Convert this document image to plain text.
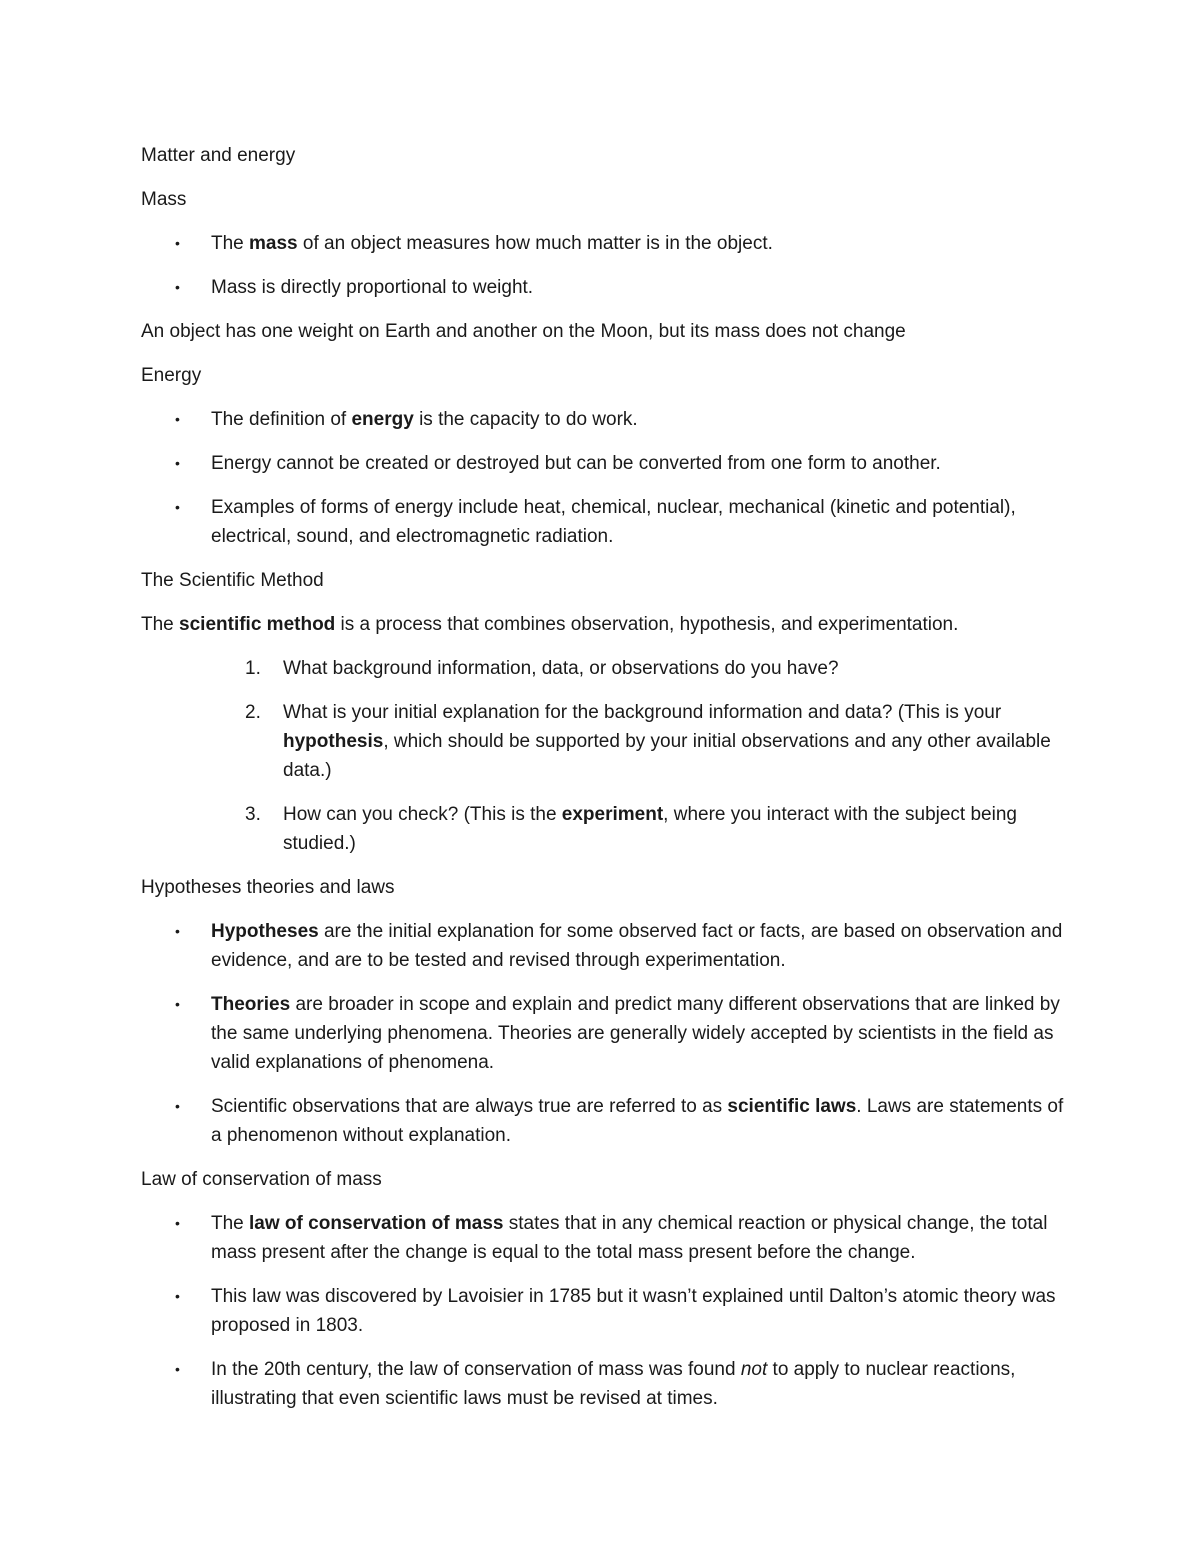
Matter and energy

Mass

• The mass of an object measures how much matter is in the object.
• Mass is directly proportional to weight.

An object has one weight on Earth and another on the Moon, but its mass does not change

Energy

• The definition of energy is the capacity to do work.
• Energy cannot be created or destroyed but can be converted from one form to another.
• Examples of forms of energy include heat, chemical, nuclear, mechanical (kinetic and potential), electrical, sound, and electromagnetic radiation.

The Scientific Method

The scientific method is a process that combines observation, hypothesis, and experimentation.

1. What background information, data, or observations do you have?
2. What is your initial explanation for the background information and data? (This is your hypothesis, which should be supported by your initial observations and any other available data.)
3. How can you check? (This is the experiment, where you interact with the subject being studied.)

Hypotheses theories and laws

• Hypotheses are the initial explanation for some observed fact or facts, are based on observation and evidence, and are to be tested and revised through experimentation.
• Theories are broader in scope and explain and predict many different observations that are linked by the same underlying phenomena. Theories are generally widely accepted by scientists in the field as valid explanations of phenomena.
• Scientific observations that are always true are referred to as scientific laws. Laws are statements of a phenomenon without explanation.

Law of conservation of mass

• The law of conservation of mass states that in any chemical reaction or physical change, the total mass present after the change is equal to the total mass present before the change.
• This law was discovered by Lavoisier in 1785 but it wasn’t explained until Dalton’s atomic theory was proposed in 1803.
• In the 20th century, the law of conservation of mass was found not to apply to nuclear reactions, illustrating that even scientific laws must be revised at times.
